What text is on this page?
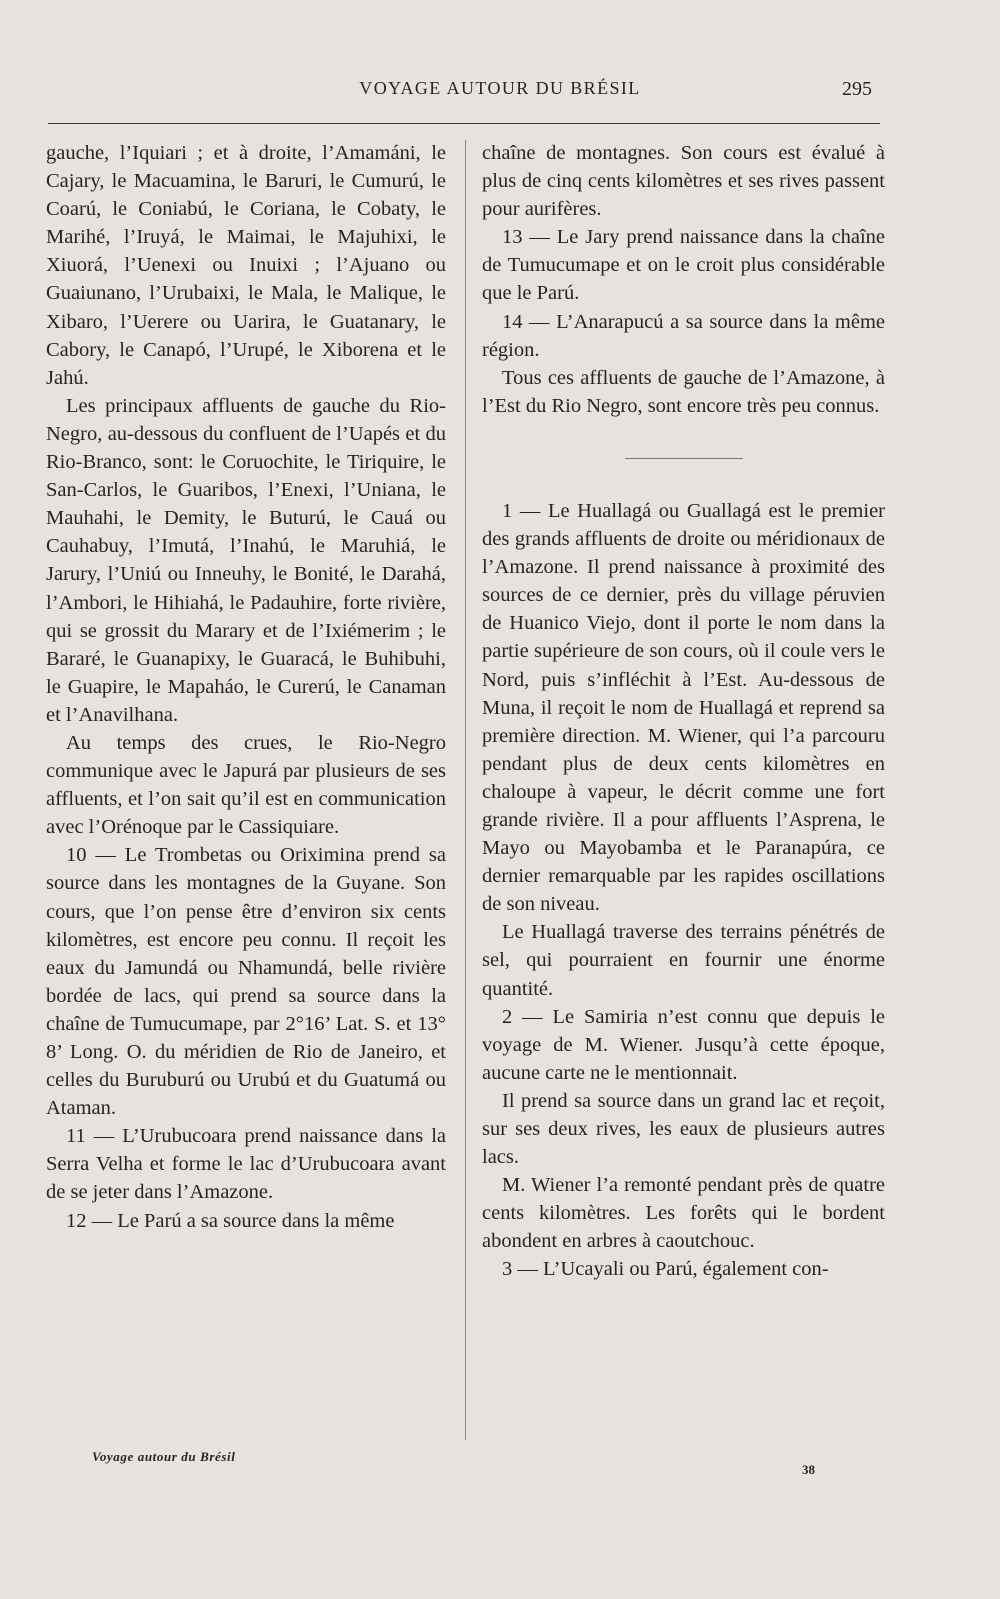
VOYAGE AUTOUR DU BRÉSIL	295

gauche, l’Iquiari ; et à droite, l’Amamáni, le Cajary, le Macuamina, le Baruri, le Cumurú, le Coarú, le Coniabú, le Coriana, le Cobaty, le Marihé, l’Iruyá, le Maimai, le Majuhixi, le Xiuorá, l’Uenexi ou Inuixi ; l’Ajuano ou Guaiunano, l’Urubaixi, le Mala, le Malique, le Xibaro, l’Uerere ou Uarira, le Guatanary, le Cabory, le Canapó, l’Urupé, le Xiborena et le Jahú.

Les principaux affluents de gauche du Rio-Negro, au-dessous du confluent de l’Uapés et du Rio-Branco, sont: le Coruochite, le Tiriquire, le San-Carlos, le Guaribos, l’Enexi, l’Uniana, le Mauhahi, le Demity, le Buturú, le Cauá ou Cauhabuy, l’Imutá, l’Inahú, le Maruhiá, le Jarury, l’Uniú ou Inneuhy, le Bonité, le Darahá, l’Ambori, le Hihiahá, le Padauhire, forte rivière, qui se grossit du Marary et de l’Ixiémerim ; le Bararé, le Guanapixy, le Guaracá, le Buhibuhi, le Guapire, le Mapaháo, le Curerú, le Canaman et l’Anavilhana.

Au temps des crues, le Rio-Negro communique avec le Japurá par plusieurs de ses affluents, et l’on sait qu’il est en communication avec l’Orénoque par le Cassiquiare.

10 — Le Trombetas ou Oriximina prend sa source dans les montagnes de la Guyane. Son cours, que l’on pense être d’environ six cents kilomètres, est encore peu connu. Il reçoit les eaux du Jamundá ou Nhamundá, belle rivière bordée de lacs, qui prend sa source dans la chaîne de Tumucumape, par 2°16’ Lat. S. et 13° 8’ Long. O. du méridien de Rio de Janeiro, et celles du Buruburú ou Urubú et du Guatumá ou Ataman.

11 — L’Urubucoara prend naissance dans la Serra Velha et forme le lac d’Urubucoara avant de se jeter dans l’Amazone.

12 — Le Parú a sa source dans la même

chaîne de montagnes. Son cours est évalué à plus de cinq cents kilomètres et ses rives passent pour aurifères.

13 — Le Jary prend naissance dans la chaîne de Tumucumape et on le croit plus considérable que le Parú.

14 — L’Anarapucú a sa source dans la même région.

Tous ces affluents de gauche de l’Amazone, à l’Est du Rio Negro, sont encore très peu connus.

1 — Le Huallagá ou Guallagá est le premier des grands affluents de droite ou méridionaux de l’Amazone. Il prend naissance à proximité des sources de ce dernier, près du village péruvien de Huanico Viejo, dont il porte le nom dans la partie supérieure de son cours, où il coule vers le Nord, puis s’infléchit à l’Est. Au-dessous de Muna, il reçoit le nom de Huallagá et reprend sa première direction. M. Wiener, qui l’a parcouru pendant plus de deux cents kilomètres en chaloupe à vapeur, le décrit comme une fort grande rivière. Il a pour affluents l’Asprena, le Mayo ou Mayobamba et le Paranapúra, ce dernier remarquable par les rapides oscillations de son niveau.

Le Huallagá traverse des terrains pénétrés de sel, qui pourraient en fournir une énorme quantité.

2 — Le Samiria n’est connu que depuis le voyage de M. Wiener. Jusqu’à cette époque, aucune carte ne le mentionnait.

Il prend sa source dans un grand lac et reçoit, sur ses deux rives, les eaux de plusieurs autres lacs.

M. Wiener l’a remonté pendant près de quatre cents kilomètres. Les forêts qui le bordent abondent en arbres à caoutchouc.

3 — L’Ucayali ou Parú, également con-

Voyage autour du Brésil
38
